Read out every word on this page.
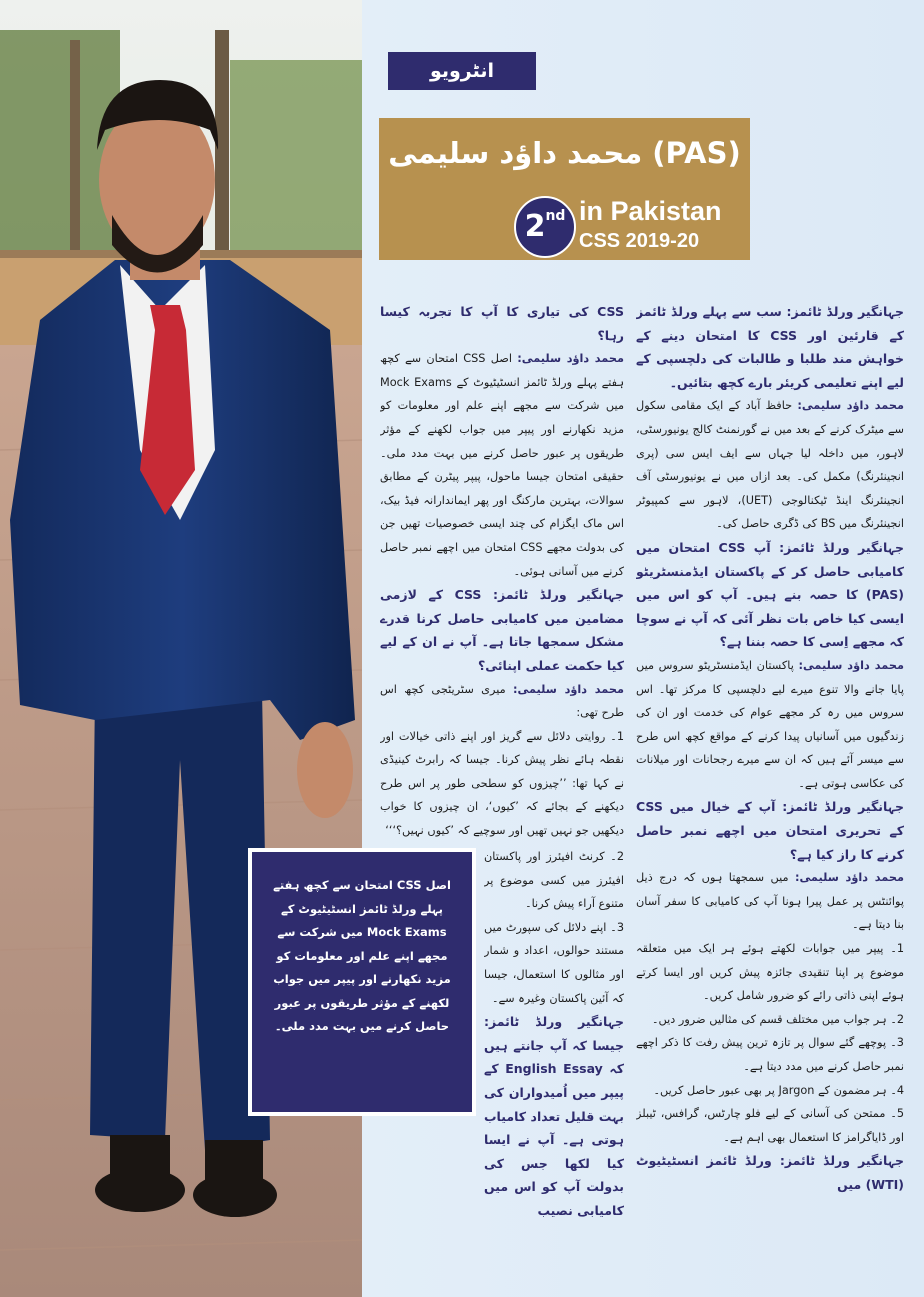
انٹرویو
محمد داؤد سلیمی (PAS)
2nd in Pakistan
CSS 2019-20

جہانگیر ورلڈ ٹائمز: سب سے پہلے ورلڈ ٹائمز کے قارئین اور CSS کا امتحان دینے کے خواہش مند طلبا و طالبات کی دلچسپی کے لیے اپنے تعلیمی کریئر بارے کچھ بتائیں۔

محمد داؤد سلیمی: حافظ آباد کے ایک مقامی سکول سے میٹرک کرنے کے بعد میں نے گورنمنٹ کالج یونیورسٹی، لاہور، میں داخلہ لیا جہاں سے ایف ایس سی (پری انجینئرنگ) مکمل کی۔ بعد ازاں میں نے یونیورسٹی آف انجینئرنگ اینڈ ٹیکنالوجی (UET)، لاہور سے کمپیوٹر انجینئرنگ میں BS کی ڈگری حاصل کی۔

جہانگیر ورلڈ ٹائمز: آپ CSS امتحان میں کامیابی حاصل کر کے پاکستان ایڈمنسٹریٹو (PAS) کا حصہ بنے ہیں۔ آپ کو اس میں ایسی کیا خاص بات نظر آئی کہ آپ نے سوچا کہ مجھے اِسی کا حصہ بننا ہے؟

محمد داؤد سلیمی: پاکستان ایڈمنسٹریٹو سروس میں پایا جانے والا تنوع میرے لیے دلچسپی کا مرکز تھا۔ اس سروس میں رہ کر مجھے عوام کی خدمت اور ان کی زندگیوں میں آسانیاں پیدا کرنے کے مواقع کچھ اس طرح سے میسر آئے ہیں کہ ان سے میرے رجحانات اور میلانات کی عکاسی ہوتی ہے۔

جہانگیر ورلڈ ٹائمز: آپ کے خیال میں CSS کے تحریری امتحان میں اچھے نمبر حاصل کرنے کا راز کیا ہے؟

محمد داؤد سلیمی: میں سمجھتا ہوں کہ درج ذیل پوائنٹس پر عمل پیرا ہونا آپ کی کامیابی کا سفر آسان بنا دیتا ہے۔

1۔ پیپر میں جوابات لکھتے ہوئے ہر ایک میں متعلقہ موضوع پر اپنا تنقیدی جائزہ پیش کریں اور ایسا کرتے ہوئے اپنی ذاتی رائے کو ضرور شامل کریں۔

2۔ ہر جواب میں مختلف قسم کی مثالیں ضرور دیں۔

3۔ پوچھے گئے سوال پر تازہ ترین پیش رفت کا ذکر اچھے نمبر حاصل کرنے میں مدد دیتا ہے۔

4۔ ہر مضمون کے Jargon پر بھی عبور حاصل کریں۔

5۔ ممتحن کی آسانی کے لیے فلو چارٹس، گرافس، ٹیبلز اور ڈایاگرامز کا استعمال بھی اہم ہے۔

جہانگیر ورلڈ ٹائمز: ورلڈ ٹائمز انسٹیٹیوٹ (WTI) میں

CSS کی تیاری کا آپ کا تجربہ کیسا رہا؟

محمد داؤد سلیمی: اصل CSS امتحان سے کچھ ہفتے پہلے ورلڈ ٹائمز انسٹیٹیوٹ کے Mock Exams میں شرکت سے مجھے اپنے علم اور معلومات کو مزید نکھارنے اور پیپر میں جواب لکھنے کے مؤثر طریقوں پر عبور حاصل کرنے میں بہت مدد ملی۔ حقیقی امتحان جیسا ماحول، پیپر پیٹرن کے مطابق سوالات، بہترین مارکنگ اور پھر ایماندارانہ فیڈ بیک، اس ماک ایگزام کی چند ایسی خصوصیات تھیں جن کی بدولت مجھے CSS امتحان میں اچھے نمبر حاصل کرنے میں آسانی ہوئی۔

جہانگیر ورلڈ ٹائمز: CSS کے لازمی مضامین میں کامیابی حاصل کرنا قدرے مشکل سمجھا جاتا ہے۔ آپ نے ان کے لیے کیا حکمت عملی اپنائی؟

محمد داؤد سلیمی: میری سٹریٹجی کچھ اس طرح تھی:

1۔ روایتی دلائل سے گریز اور اپنے ذاتی خیالات اور نقطہ ہائے نظر پیش کرنا۔ جیسا کہ رابرٹ کینیڈی نے کہا تھا: ’’چیزوں کو سطحی طور پر اس طرح دیکھنے کے بجائے کہ ’کیوں‘، ان چیزوں کا خواب دیکھیں جو نہیں تھیں اور سوچیے کہ ’کیوں نہیں؟‘‘‘

2۔ کرنٹ افیئرز اور پاکستان افیئرز میں کسی موضوع پر متنوع آراء پیش کرنا۔

3۔ اپنے دلائل کی سپورٹ میں مستند حوالوں، اعداد و شمار اور مثالوں کا استعمال، جیسا کہ آئین پاکستان وغیرہ سے۔

جہانگیر ورلڈ ٹائمز: جیسا کہ آپ جانتے ہیں کہ English Essay کے پیپر میں اُمیدواران کی بہت قلیل تعداد کامیاب ہوتی ہے۔ آپ نے ایسا کیا لکھا جس کی بدولت آپ کو اس میں کامیابی نصیب

اصل CSS امتحان سے کچھ ہفتے پہلے ورلڈ ٹائمز انسٹیٹیوٹ کے Mock Exams میں شرکت سے مجھے اپنے علم اور معلومات کو مزید نکھارنے اور پیپر میں جواب لکھنے کے مؤثر طریقوں پر عبور حاصل کرنے میں بہت مدد ملی۔
